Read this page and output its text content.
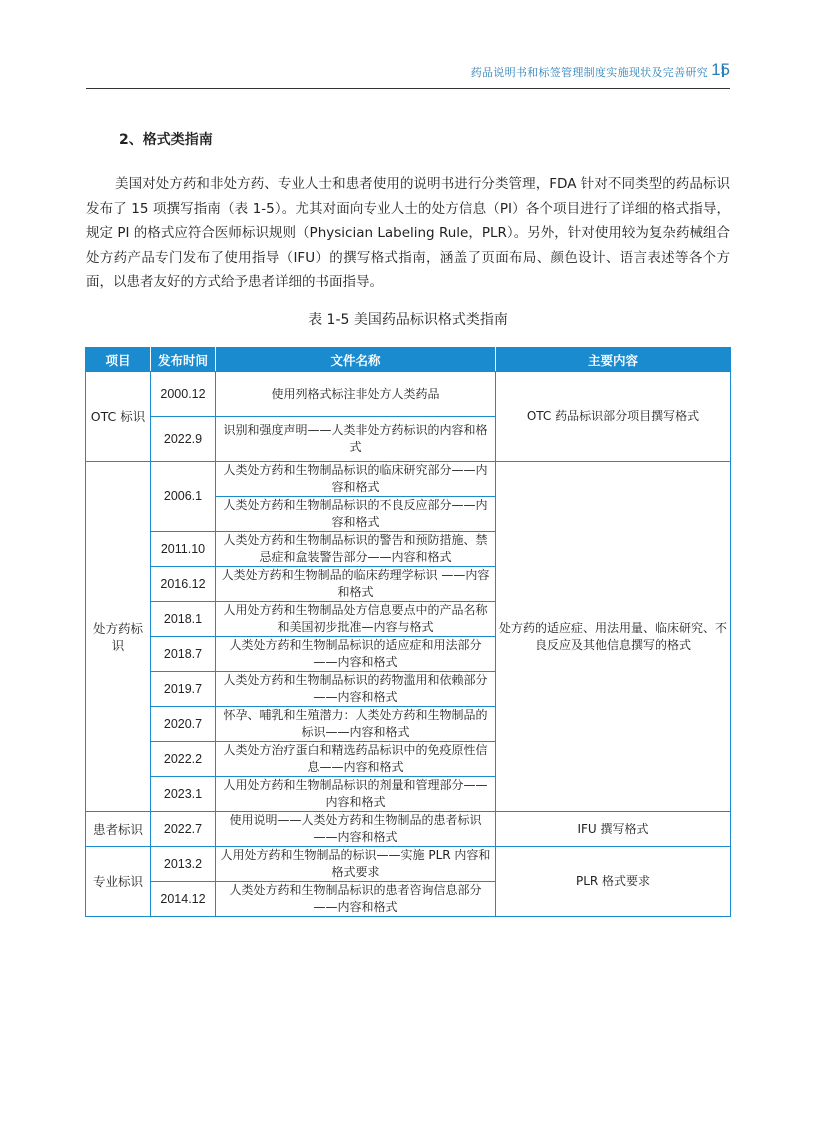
药品说明书和标签管理制度实施现状及完善研究 15
2、格式类指南
美国对处方药和非处方药、专业人士和患者使用的说明书进行分类管理，FDA 针对不同类型的药品标识发布了 15 项撰写指南（表 1-5）。尤其对面向专业人士的处方信息（PI）各个项目进行了详细的格式指导，规定 PI 的格式应符合医师标识规则（Physician Labeling Rule，PLR）。另外，针对使用较为复杂药械组合处方药产品专门发布了使用指导（IFU）的撰写格式指南，涵盖了页面布局、颜色设计、语言表述等各个方面，以患者友好的方式给予患者详细的书面指导。
表 1-5 美国药品标识格式类指南
项目	发布时间	文件名称	主要内容
OTC 标识	2000.12	使用列格式标注非处方人类药品	OTC 药品标识部分项目撰写格式
	2022.9	识别和强度声明——人类非处方药标识的内容和格式	
处方药标识	2006.1	人类处方药和生物制品标识的临床研究部分——内容和格式	处方药的适应症、用法用量、临床研究、不良反应及其他信息撰写的格式
		人类处方药和生物制品标识的不良反应部分——内容和格式	
	2011.10	人类处方药和生物制品标识的警告和预防措施、禁忌症和盒装警告部分——内容和格式	
	2016.12	人类处方药和生物制品的临床药理学标识 ——内容和格式	
	2018.1	人用处方药和生物制品处方信息要点中的产品名称和美国初步批准—内容与格式	
	2018.7	人类处方药和生物制品标识的适应症和用法部分——内容和格式	
	2019.7	人类处方药和生物制品标识的药物滥用和依赖部分——内容和格式	
	2020.7	怀孕、哺乳和生殖潜力：人类处方药和生物制品的标识——内容和格式	
	2022.2	人类处方治疗蛋白和精选药品标识中的免疫原性信息——内容和格式	
	2023.1	人用处方药和生物制品标识的剂量和管理部分——内容和格式	
患者标识	2022.7	使用说明——人类处方药和生物制品的患者标识——内容和格式	IFU 撰写格式
专业标识	2013.2	人用处方药和生物制品的标识——实施 PLR 内容和格式要求	PLR 格式要求
	2014.12	人类处方药和生物制品标识的患者咨询信息部分——内容和格式	
